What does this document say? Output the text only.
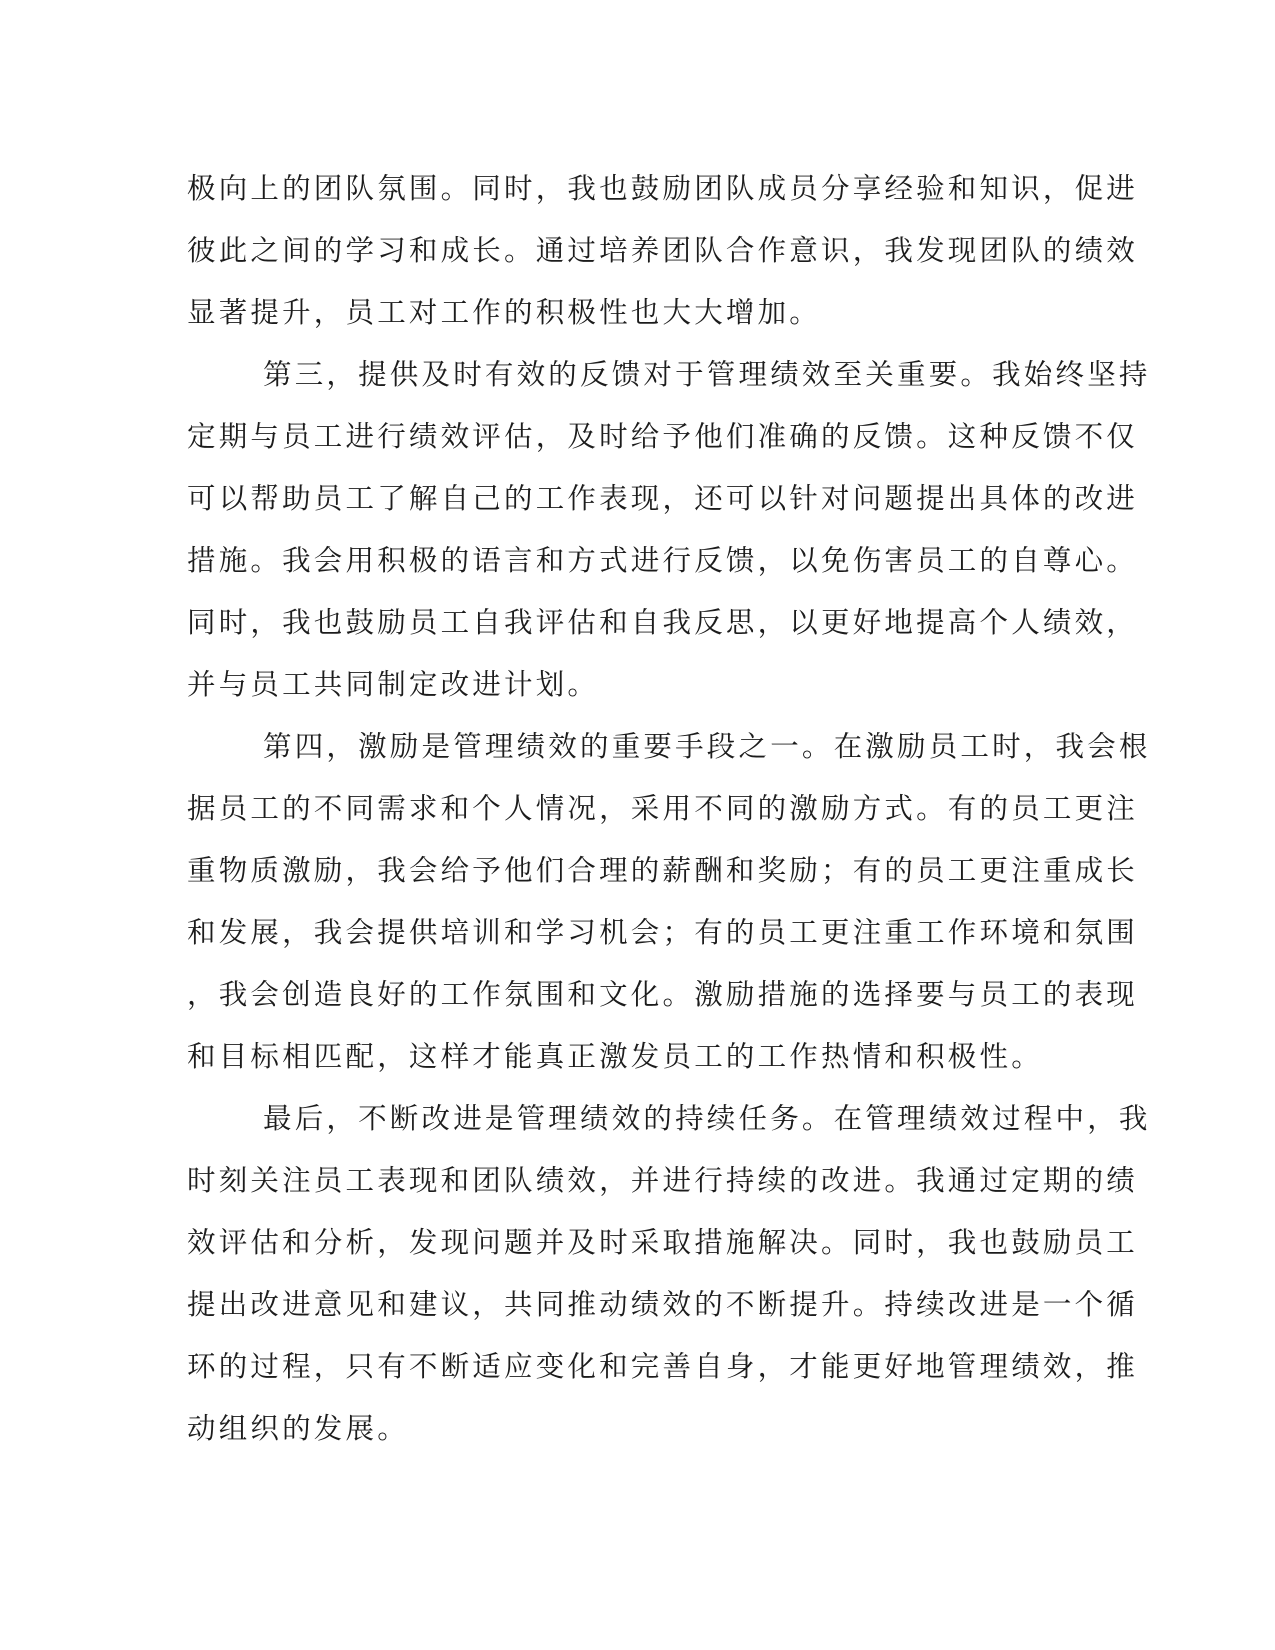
极向上的团队氛围。同时，我也鼓励团队成员分享经验和知识，促进
彼此之间的学习和成长。通过培养团队合作意识，我发现团队的绩效
显著提升，员工对工作的积极性也大大增加。
第三，提供及时有效的反馈对于管理绩效至关重要。我始终坚持
定期与员工进行绩效评估，及时给予他们准确的反馈。这种反馈不仅
可以帮助员工了解自己的工作表现，还可以针对问题提出具体的改进
措施。我会用积极的语言和方式进行反馈，以免伤害员工的自尊心。
同时，我也鼓励员工自我评估和自我反思，以更好地提高个人绩效，
并与员工共同制定改进计划。
第四，激励是管理绩效的重要手段之一。在激励员工时，我会根
据员工的不同需求和个人情况，采用不同的激励方式。有的员工更注
重物质激励，我会给予他们合理的薪酬和奖励；有的员工更注重成长
和发展，我会提供培训和学习机会；有的员工更注重工作环境和氛围
，我会创造良好的工作氛围和文化。激励措施的选择要与员工的表现
和目标相匹配，这样才能真正激发员工的工作热情和积极性。
最后，不断改进是管理绩效的持续任务。在管理绩效过程中，我
时刻关注员工表现和团队绩效，并进行持续的改进。我通过定期的绩
效评估和分析，发现问题并及时采取措施解决。同时，我也鼓励员工
提出改进意见和建议，共同推动绩效的不断提升。持续改进是一个循
环的过程，只有不断适应变化和完善自身，才能更好地管理绩效，推
动组织的发展。
